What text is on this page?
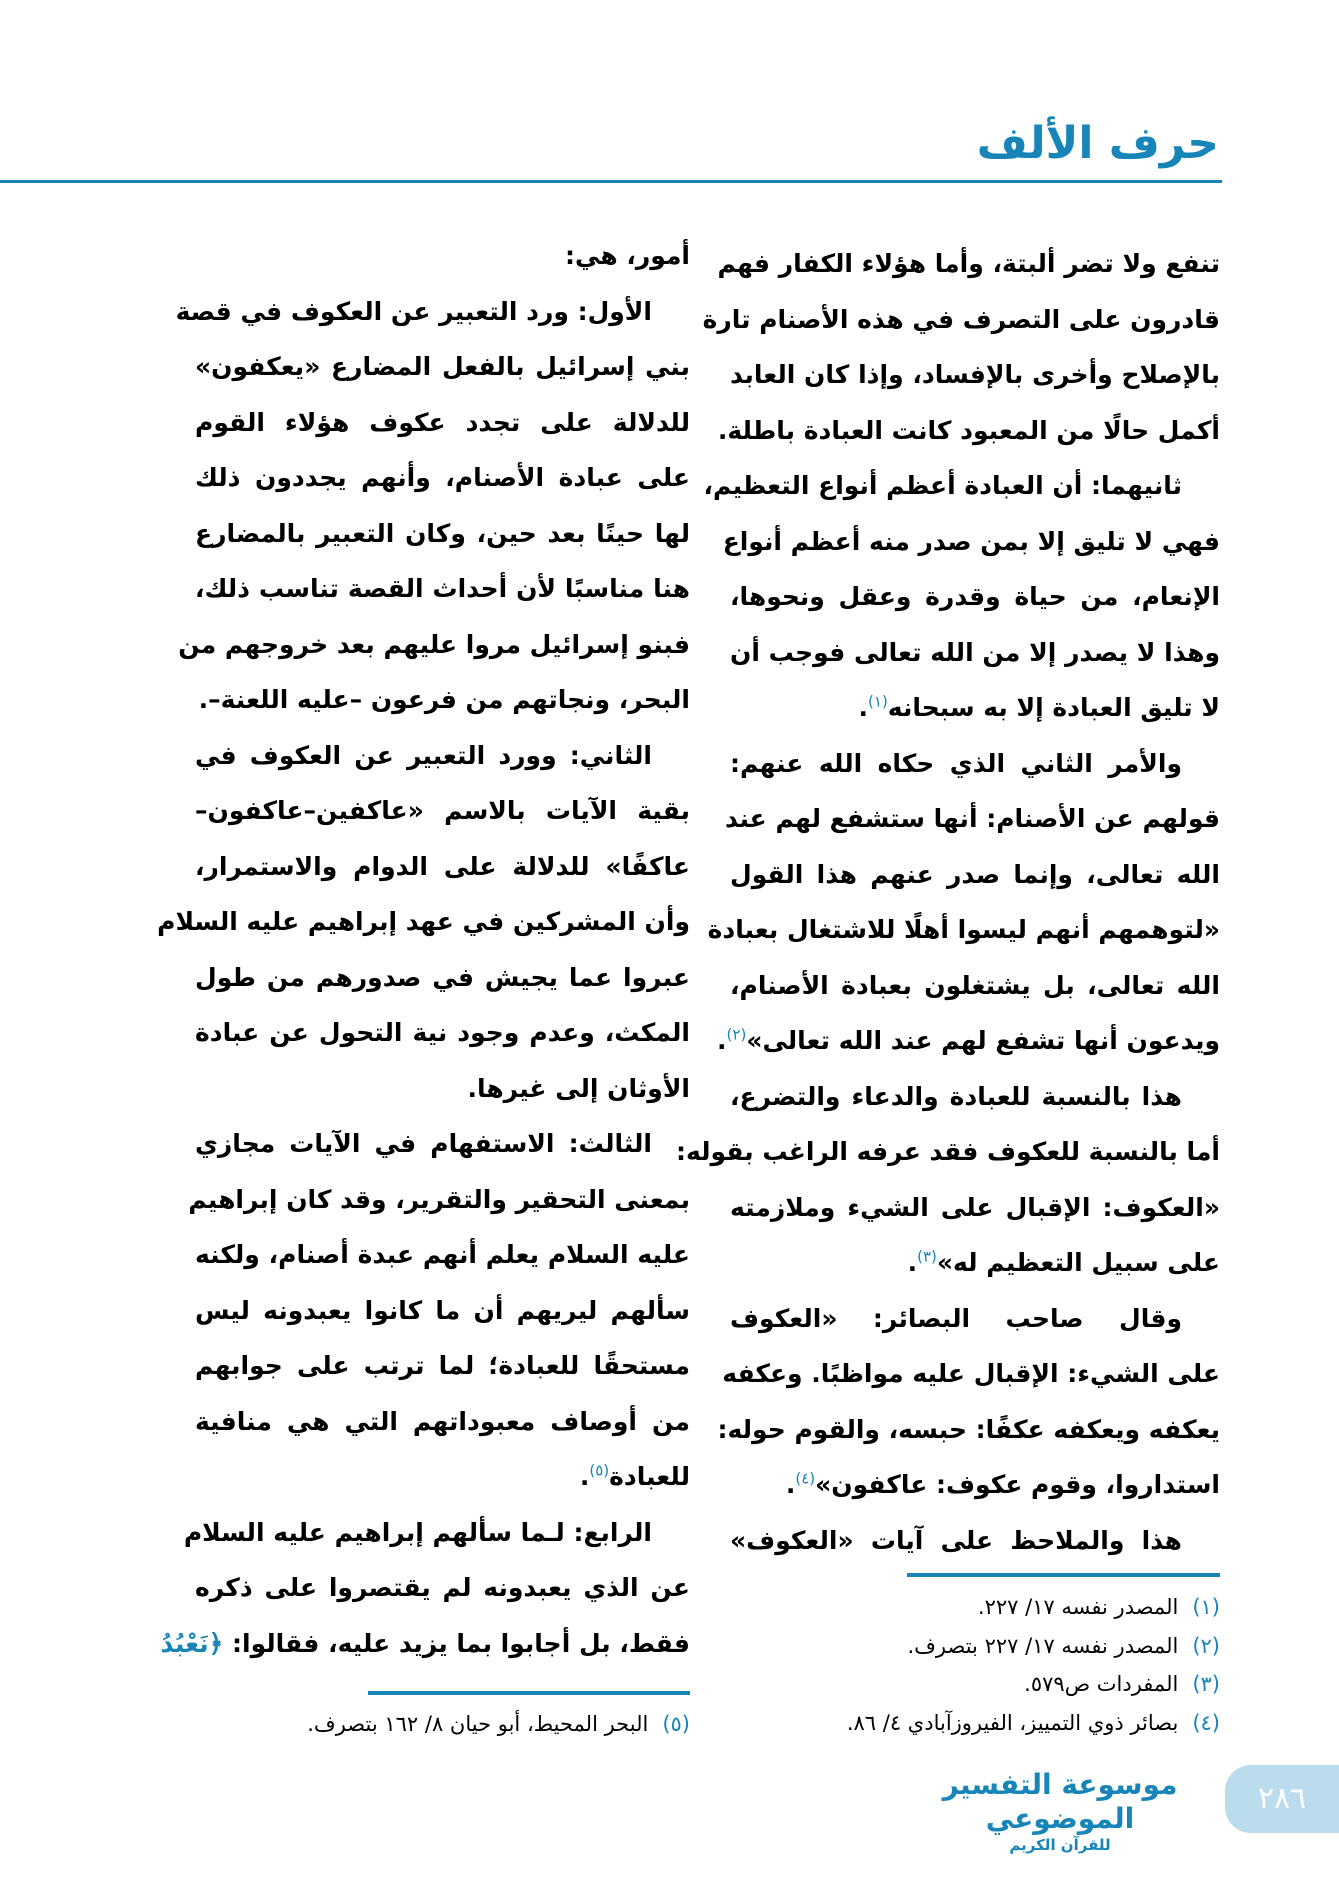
حرف الألف
تنفع ولا تضر ألبتة، وأما هؤلاء الكفار فهم
قادرون على التصرف في هذه الأصنام تارة
بالإصلاح وأخرى بالإفساد، وإذا كان العابد
أكمل حالًا من المعبود كانت العبادة باطلة.
ثانيهما: أن العبادة أعظم أنواع التعظيم،
فهي لا تليق إلا بمن صدر منه أعظم أنواع
الإنعام، من حياة وقدرة وعقل ونحوها،
وهذا لا يصدر إلا من الله تعالى فوجب أن
لا تليق العبادة إلا به سبحانه$^{(١)}$.
والأمر الثاني الذي حكاه الله عنهم:
قولهم عن الأصنام: أنها ستشفع لهم عند
الله تعالى، وإنما صدر عنهم هذا القول
«لتوهمهم أنهم ليسوا أهلًا للاشتغال بعبادة
الله تعالى، بل يشتغلون بعبادة الأصنام،
ويدعون أنها تشفع لهم عند الله تعالى»$^{(٢)}$.
هذا بالنسبة للعبادة والدعاء والتضرع،
أما بالنسبة للعكوف فقد عرفه الراغب بقوله:
«العكوف: الإقبال على الشيء وملازمته
على سبيل التعظيم له»$^{(٣)}$.
وقال صاحب البصائر: «العكوف
على الشيء: الإقبال عليه مواظبًا. وعكفه
يعكفه ويعكفه عكفًا: حبسه، والقوم حوله:
استداروا، وقوم عكوف: عاكفون»$^{(٤)}$.
هذا والملاحظ على آيات «العكوف»
أمور، هي:
الأول: ورد التعبير عن العكوف في قصة
بني إسرائيل بالفعل المضارع «يعكفون»
للدلالة على تجدد عكوف هؤلاء القوم
على عبادة الأصنام، وأنهم يجددون ذلك
لها حينًا بعد حين، وكان التعبير بالمضارع
هنا مناسبًا لأن أحداث القصة تناسب ذلك،
فبنو إسرائيل مروا عليهم بعد خروجهم من
البحر، ونجاتهم من فرعون –عليه اللعنة–.
الثاني: وورد التعبير عن العكوف في
بقية الآيات بالاسم «عاكفين–عاكفون–
عاكفًا» للدلالة على الدوام والاستمرار،
وأن المشركين في عهد إبراهيم عليه السلام
عبروا عما يجيش في صدورهم من طول
المكث، وعدم وجود نية التحول عن عبادة
الأوثان إلى غيرها.
الثالث: الاستفهام في الآيات مجازي
بمعنى التحقير والتقرير، وقد كان إبراهيم
عليه السلام يعلم أنهم عبدة أصنام، ولكنه
سألهم ليريهم أن ما كانوا يعبدونه ليس
مستحقًا للعبادة؛ لما ترتب على جوابهم
من أوصاف معبوداتهم التي هي منافية
للعبادة$^{(٥)}$.
الرابع: لـما سألهم إبراهيم عليه السلام
عن الذي يعبدونه لم يقتصروا على ذكره
فقط، بل أجابوا بما يزيد عليه، فقالوا: ﴿نَعْبُدُ
(١)المصدر نفسه ١٧/ ٢٢٧.
(٢)المصدر نفسه ١٧/ ٢٢٧ بتصرف.
(٣)المفردات ص٥٧٩.
(٤)بصائر ذوي التمييز، الفيروزآبادي ٤/ ٨٦.
(٥)البحر المحيط، أبو حيان ٨/ ١٦٢ بتصرف.
موسوعة التفسير الموضوعي
للقرآن الكريم
٢٨٦
